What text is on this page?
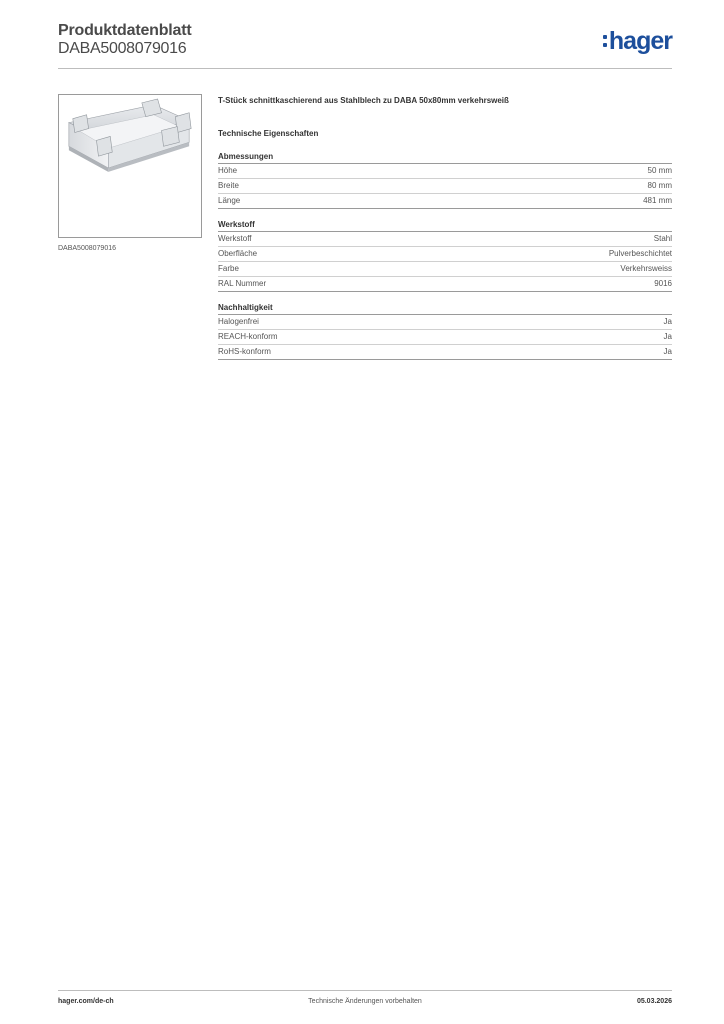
Produktdatenblatt
DABA5008079016	hager
DABA5008079016
T-Stück schnittkaschierend aus Stahlblech zu DABA 50x80mm verkehrsweiß
Technische Eigenschaften
Abmessungen
Höhe	50 mm
Breite	80 mm
Länge	481 mm
Werkstoff
Werkstoff	Stahl
Oberfläche	Pulverbeschichtet
Farbe	Verkehrsweiss
RAL Nummer	9016
Nachhaltigkeit
Halogenfrei	Ja
REACH-konform	Ja
RoHS-konform	Ja
hager.com/de-ch	Technische Änderungen vorbehalten	05.03.2026
